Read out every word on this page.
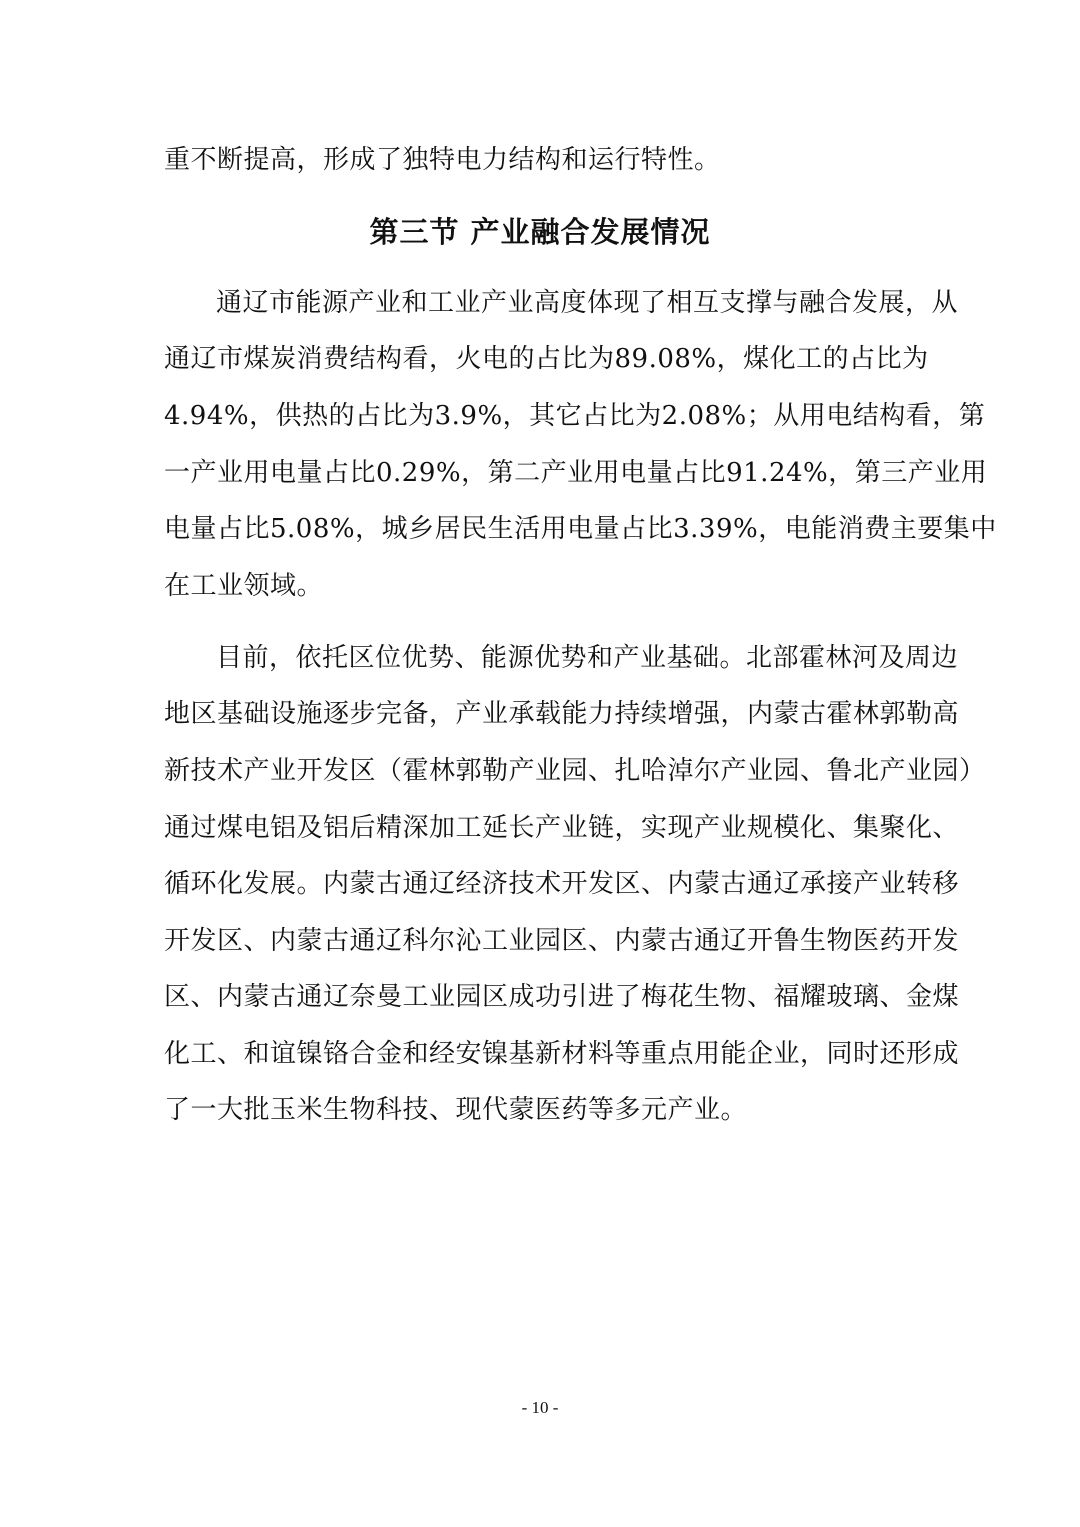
重不断提高，形成了独特电力结构和运行特性。
第三节 产业融合发展情况
通辽市能源产业和工业产业高度体现了相互支撑与融合发展，从
通辽市煤炭消费结构看，火电的占比为89.08%，煤化工的占比为
4.94%，供热的占比为3.9%，其它占比为2.08%；从用电结构看，第
一产业用电量占比0.29%，第二产业用电量占比91.24%，第三产业用
电量占比5.08%，城乡居民生活用电量占比3.39%，电能消费主要集中
在工业领域。
目前，依托区位优势、能源优势和产业基础。北部霍林河及周边
地区基础设施逐步完备，产业承载能力持续增强，内蒙古霍林郭勒高
新技术产业开发区（霍林郭勒产业园、扎哈淖尔产业园、鲁北产业园）
通过煤电铝及铝后精深加工延长产业链，实现产业规模化、集聚化、
循环化发展。内蒙古通辽经济技术开发区、内蒙古通辽承接产业转移
开发区、内蒙古通辽科尔沁工业园区、内蒙古通辽开鲁生物医药开发
区、内蒙古通辽奈曼工业园区成功引进了梅花生物、福耀玻璃、金煤
化工、和谊镍铬合金和经安镍基新材料等重点用能企业，同时还形成
了一大批玉米生物科技、现代蒙医药等多元产业。
- 10 -
